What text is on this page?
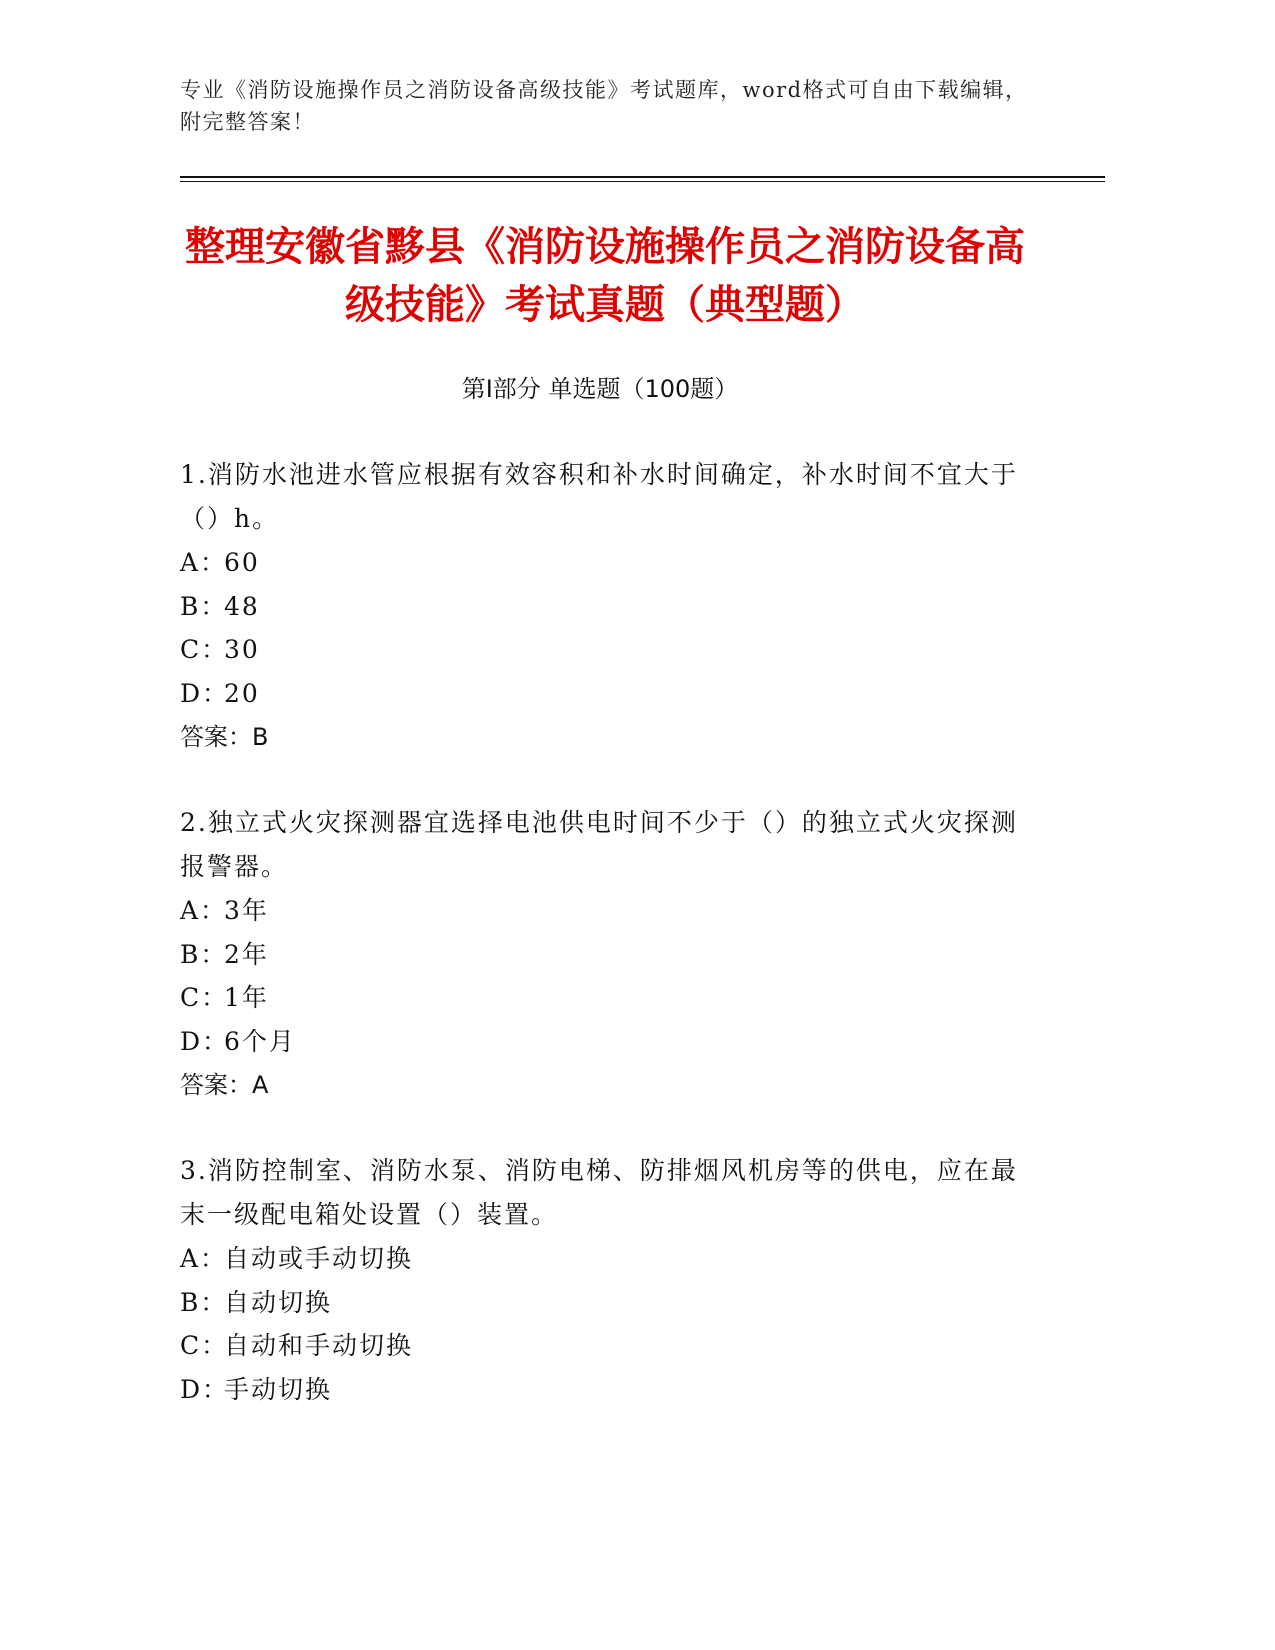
专业《消防设施操作员之消防设备高级技能》考试题库，word格式可自由下载编辑，附完整答案！
整理安徽省黟县《消防设施操作员之消防设备高级技能》考试真题（典型题）
第I部分 单选题（100题）

1.消防水池进水管应根据有效容积和补水时间确定，补水时间不宜大于（）h。

A：60

B：48

C：30

D：20

答案：B

2.独立式火灾探测器宜选择电池供电时间不少于（）的独立式火灾探测报警器。

A：3年

B：2年

C：1年

D：6个月

答案：A

3.消防控制室、消防水泵、消防电梯、防排烟风机房等的供电，应在最末一级配电箱处设置（）装置。

A：自动或手动切换

B：自动切换

C：自动和手动切换

D：手动切换
